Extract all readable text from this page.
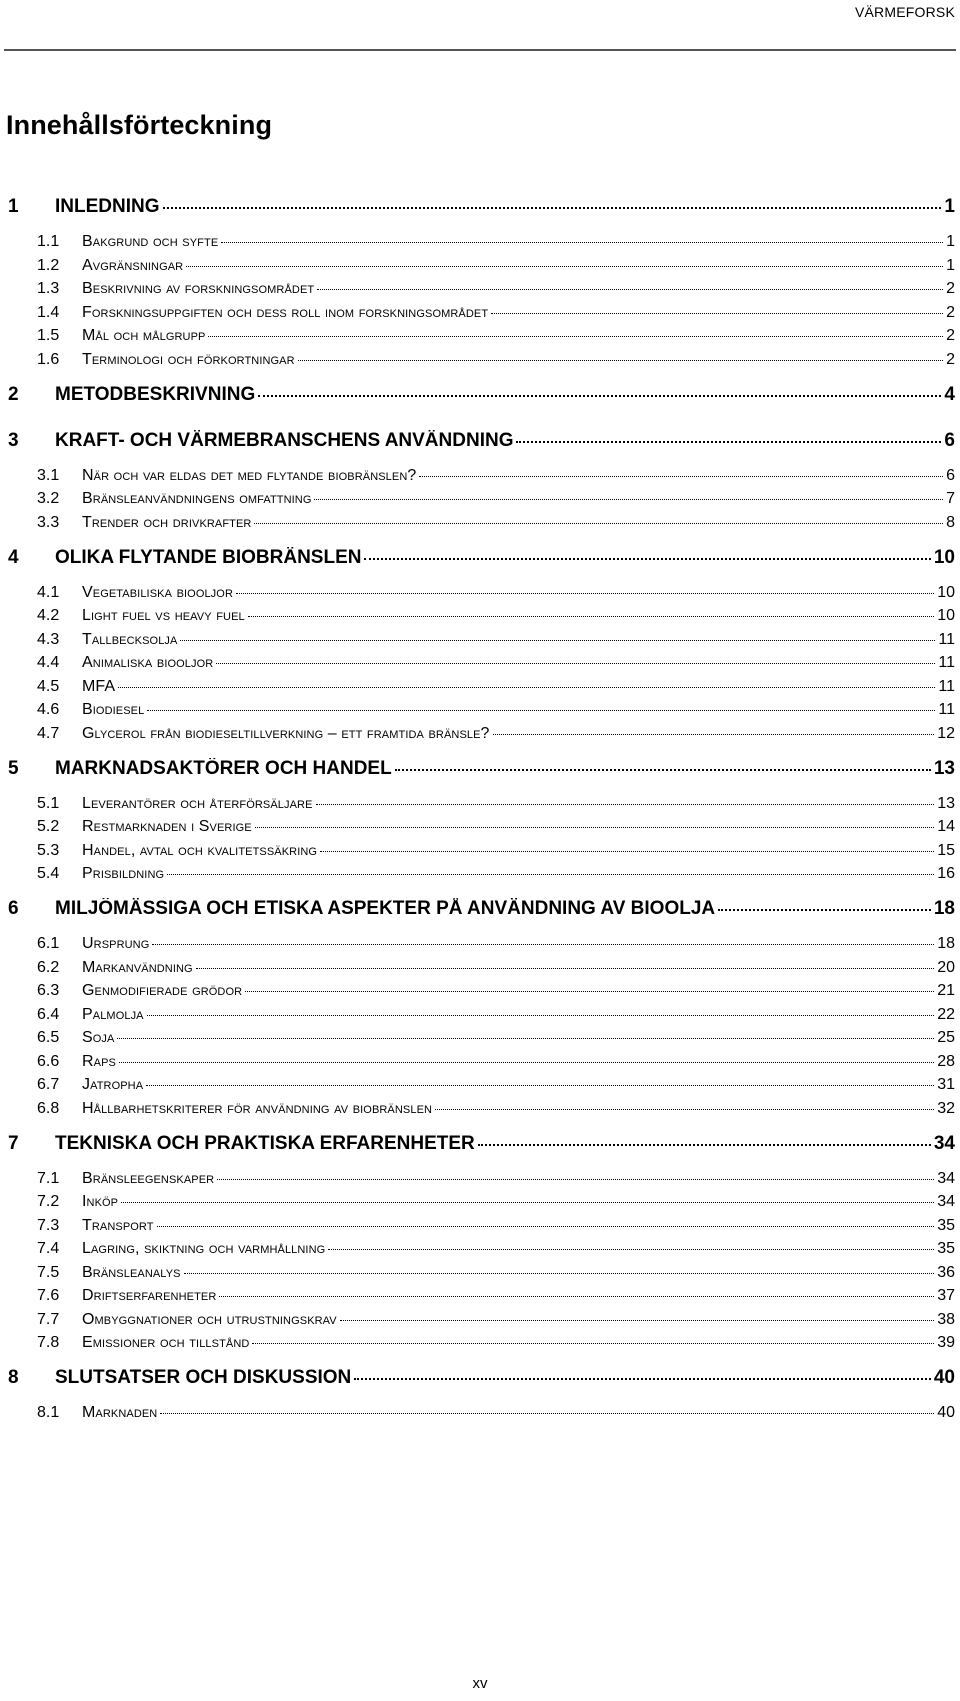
VÄRMEFORSK
Innehållsförteckning
1	INLEDNING	1
1.1	Bakgrund och syfte	1
1.2	Avgränsningar	1
1.3	Beskrivning av forskningsområdet	2
1.4	Forskningsuppgiften och dess roll inom forskningsområdet	2
1.5	Mål och målgrupp	2
1.6	Terminologi och förkortningar	2
2	METODBESKRIVNING	4
3	KRAFT- OCH VÄRMEBRANSCHENS ANVÄNDNING	6
3.1	När och var eldas det med flytande biobränslen?	6
3.2	Bränsleanvändningens omfattning	7
3.3	Trender och drivkrafter	8
4	OLIKA FLYTANDE BIOBRÄNSLEN	10
4.1	Vegetabiliska biooljor	10
4.2	Light fuel vs heavy fuel	10
4.3	Tallbecksolja	11
4.4	Animaliska biooljor	11
4.5	MFA	11
4.6	Biodiesel	11
4.7	Glycerol från biodieseltillverkning – ett framtida bränsle?	12
5	MARKNADSAKTÖRER OCH HANDEL	13
5.1	Leverantörer och återförsäljare	13
5.2	Restmarknaden i Sverige	14
5.3	Handel, avtal och kvalitetssäkring	15
5.4	Prisbildning	16
6	MILJÖMÄSSIGA OCH ETISKA ASPEKTER PÅ ANVÄNDNING AV BIOOLJA	18
6.1	Ursprung	18
6.2	Markanvändning	20
6.3	Genmodifierade grödor	21
6.4	Palmolja	22
6.5	Soja	25
6.6	Raps	28
6.7	Jatropha	31
6.8	Hållbarhetskriterer för användning av biobränslen	32
7	TEKNISKA OCH PRAKTISKA ERFARENHETER	34
7.1	Bränsleegenskaper	34
7.2	Inköp	34
7.3	Transport	35
7.4	Lagring, skiktning och varmhållning	35
7.5	Bränsleanalys	36
7.6	Driftserfarenheter	37
7.7	Ombyggnationer och utrustningskrav	38
7.8	Emissioner och tillstånd	39
8	SLUTSATSER OCH DISKUSSION	40
8.1	Marknaden	40
xv
